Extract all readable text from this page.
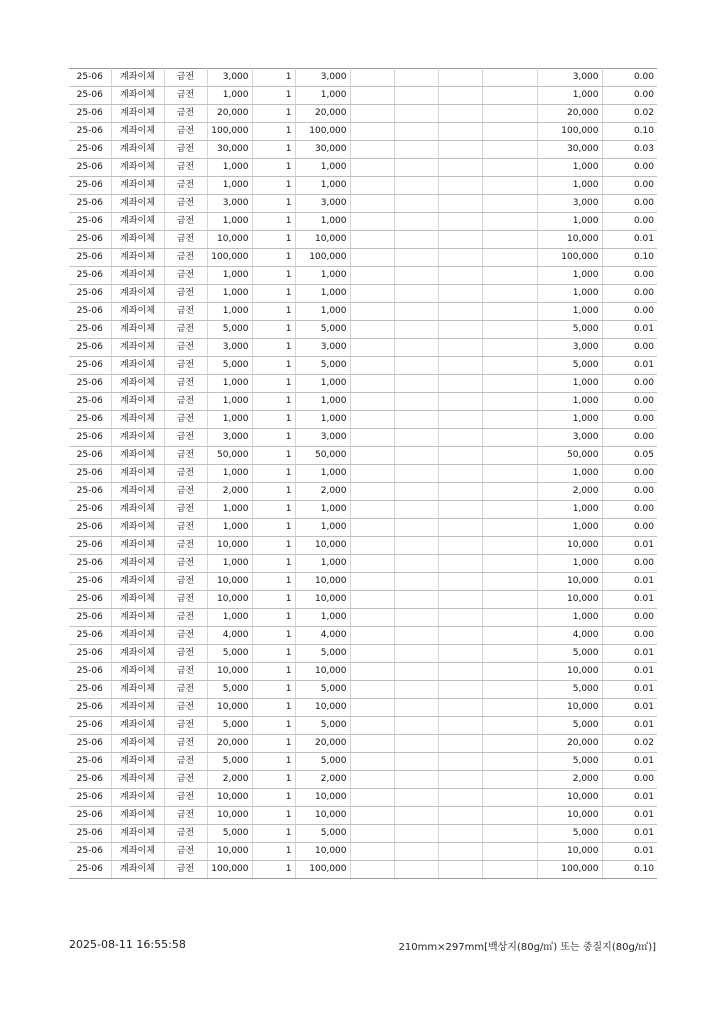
25-06	계좌이체	금전	3,000	1	3,000					3,000	0.00
25-06	계좌이체	금전	1,000	1	1,000					1,000	0.00
25-06	계좌이체	금전	20,000	1	20,000					20,000	0.02
25-06	계좌이체	금전	100,000	1	100,000					100,000	0.10
25-06	계좌이체	금전	30,000	1	30,000					30,000	0.03
25-06	계좌이체	금전	1,000	1	1,000					1,000	0.00
25-06	계좌이체	금전	1,000	1	1,000					1,000	0.00
25-06	계좌이체	금전	3,000	1	3,000					3,000	0.00
25-06	계좌이체	금전	1,000	1	1,000					1,000	0.00
25-06	계좌이체	금전	10,000	1	10,000					10,000	0.01
25-06	계좌이체	금전	100,000	1	100,000					100,000	0.10
25-06	계좌이체	금전	1,000	1	1,000					1,000	0.00
25-06	계좌이체	금전	1,000	1	1,000					1,000	0.00
25-06	계좌이체	금전	1,000	1	1,000					1,000	0.00
25-06	계좌이체	금전	5,000	1	5,000					5,000	0.01
25-06	계좌이체	금전	3,000	1	3,000					3,000	0.00
25-06	계좌이체	금전	5,000	1	5,000					5,000	0.01
25-06	계좌이체	금전	1,000	1	1,000					1,000	0.00
25-06	계좌이체	금전	1,000	1	1,000					1,000	0.00
25-06	계좌이체	금전	1,000	1	1,000					1,000	0.00
25-06	계좌이체	금전	3,000	1	3,000					3,000	0.00
25-06	계좌이체	금전	50,000	1	50,000					50,000	0.05
25-06	계좌이체	금전	1,000	1	1,000					1,000	0.00
25-06	계좌이체	금전	2,000	1	2,000					2,000	0.00
25-06	계좌이체	금전	1,000	1	1,000					1,000	0.00
25-06	계좌이체	금전	1,000	1	1,000					1,000	0.00
25-06	계좌이체	금전	10,000	1	10,000					10,000	0.01
25-06	계좌이체	금전	1,000	1	1,000					1,000	0.00
25-06	계좌이체	금전	10,000	1	10,000					10,000	0.01
25-06	계좌이체	금전	10,000	1	10,000					10,000	0.01
25-06	계좌이체	금전	1,000	1	1,000					1,000	0.00
25-06	계좌이체	금전	4,000	1	4,000					4,000	0.00
25-06	계좌이체	금전	5,000	1	5,000					5,000	0.01
25-06	계좌이체	금전	10,000	1	10,000					10,000	0.01
25-06	계좌이체	금전	5,000	1	5,000					5,000	0.01
25-06	계좌이체	금전	10,000	1	10,000					10,000	0.01
25-06	계좌이체	금전	5,000	1	5,000					5,000	0.01
25-06	계좌이체	금전	20,000	1	20,000					20,000	0.02
25-06	계좌이체	금전	5,000	1	5,000					5,000	0.01
25-06	계좌이체	금전	2,000	1	2,000					2,000	0.00
25-06	계좌이체	금전	10,000	1	10,000					10,000	0.01
25-06	계좌이체	금전	10,000	1	10,000					10,000	0.01
25-06	계좌이체	금전	5,000	1	5,000					5,000	0.01
25-06	계좌이체	금전	10,000	1	10,000					10,000	0.01
25-06	계좌이체	금전	100,000	1	100,000					100,000	0.10
2025-08-11 16:55:58	210mm×297mm[백상지(80g/㎡) 또는 중질지(80g/㎡)]
